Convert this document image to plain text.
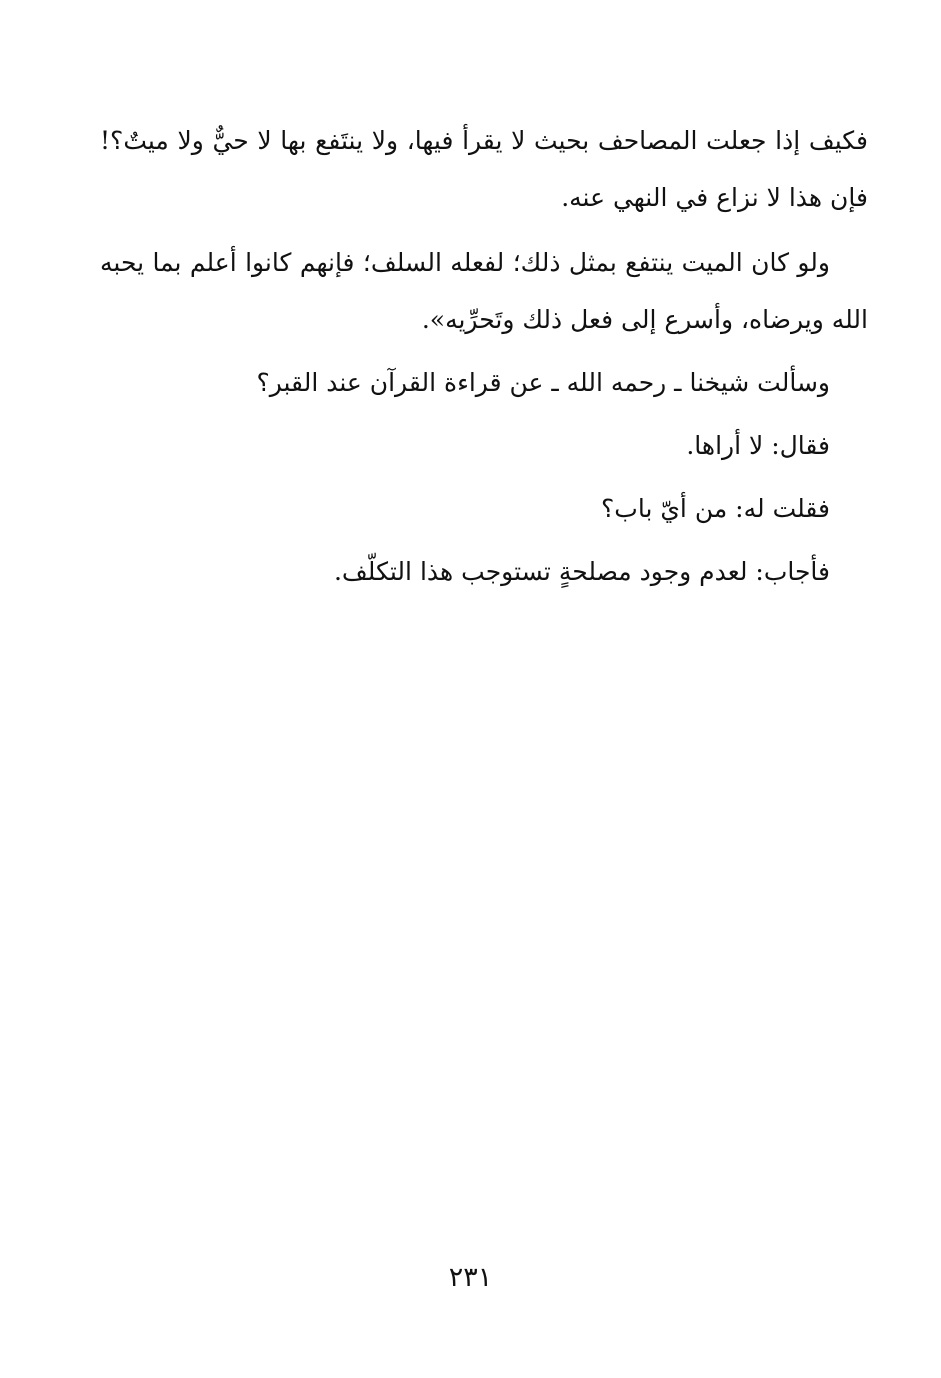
فكيف إذا جعلت المصاحف بحيث لا يقرأ فيها، ولا ينتَفع بها لا حيٌّ ولا ميتٌ؟! فإن هذا لا نزاع في النهي عنه.

ولو كان الميت ينتفع بمثل ذلك؛ لفعله السلف؛ فإنهم كانوا أعلم بما يحبه الله ويرضاه، وأسرع إلى فعل ذلك وتَحرِّيه».

وسألت شيخنا ـ رحمه الله ـ عن قراءة القرآن عند القبر؟

فقال: لا أراها.

فقلت له: من أيّ باب؟

فأجاب: لعدم وجود مصلحةٍ تستوجب هذا التكلّف.

٢٣١
